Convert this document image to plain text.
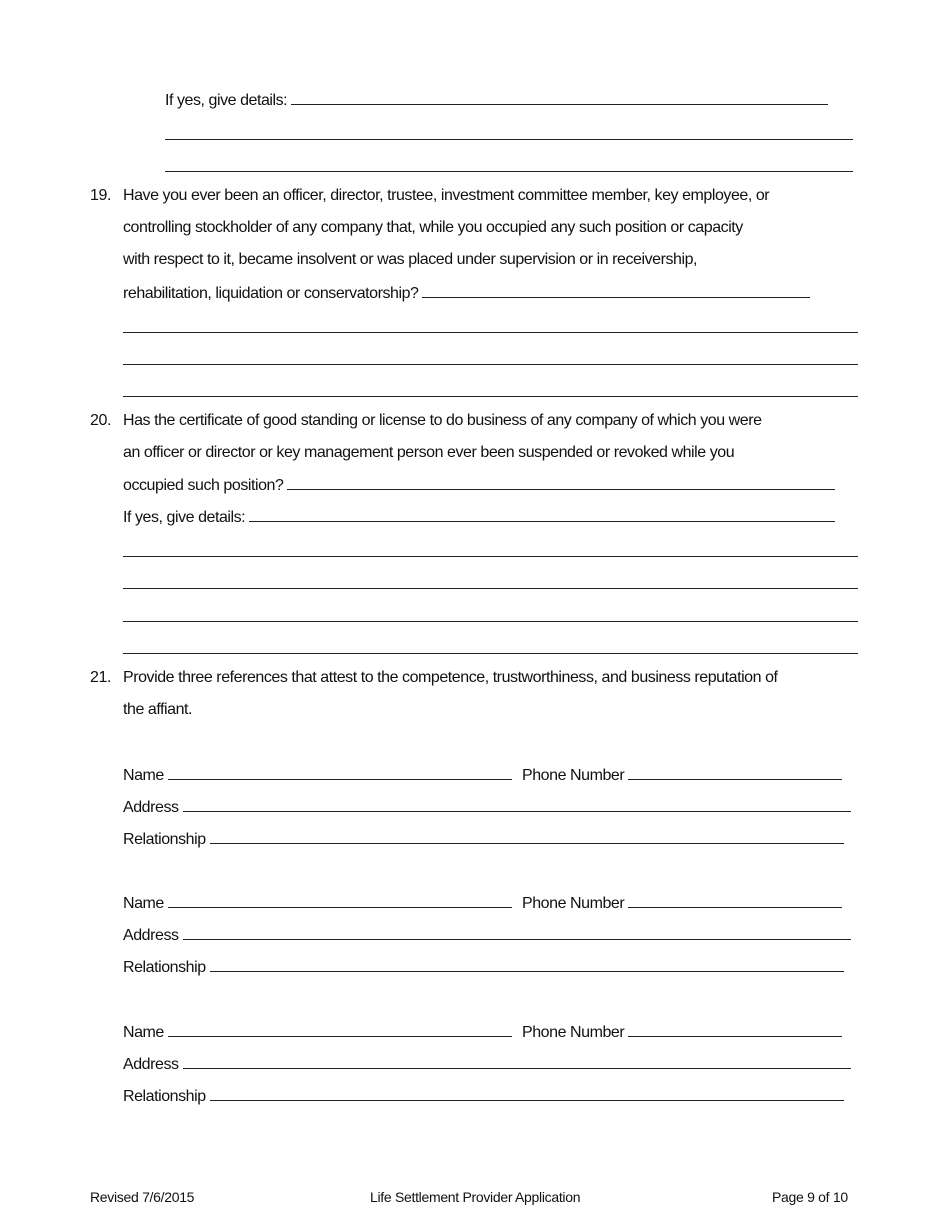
If yes, give details:
19. Have you ever been an officer, director, trustee, investment committee member, key employee, or
controlling stockholder of any company that, while you occupied any such position or capacity
with respect to it, became insolvent or was placed under supervision or in receivership,
rehabilitation, liquidation or conservatorship?
20. Has the certificate of good standing or license to do business of any company of which you were
an officer or director or key management person ever been suspended or revoked while you
occupied such position?
If yes, give details:
21. Provide three references that attest to the competence, trustworthiness, and business reputation of
the affiant.
Name	Phone Number
Address
Relationship
Name	Phone Number
Address
Relationship
Name	Phone Number
Address
Relationship
Revised 7/6/2015	Life Settlement Provider Application	Page 9 of 10
